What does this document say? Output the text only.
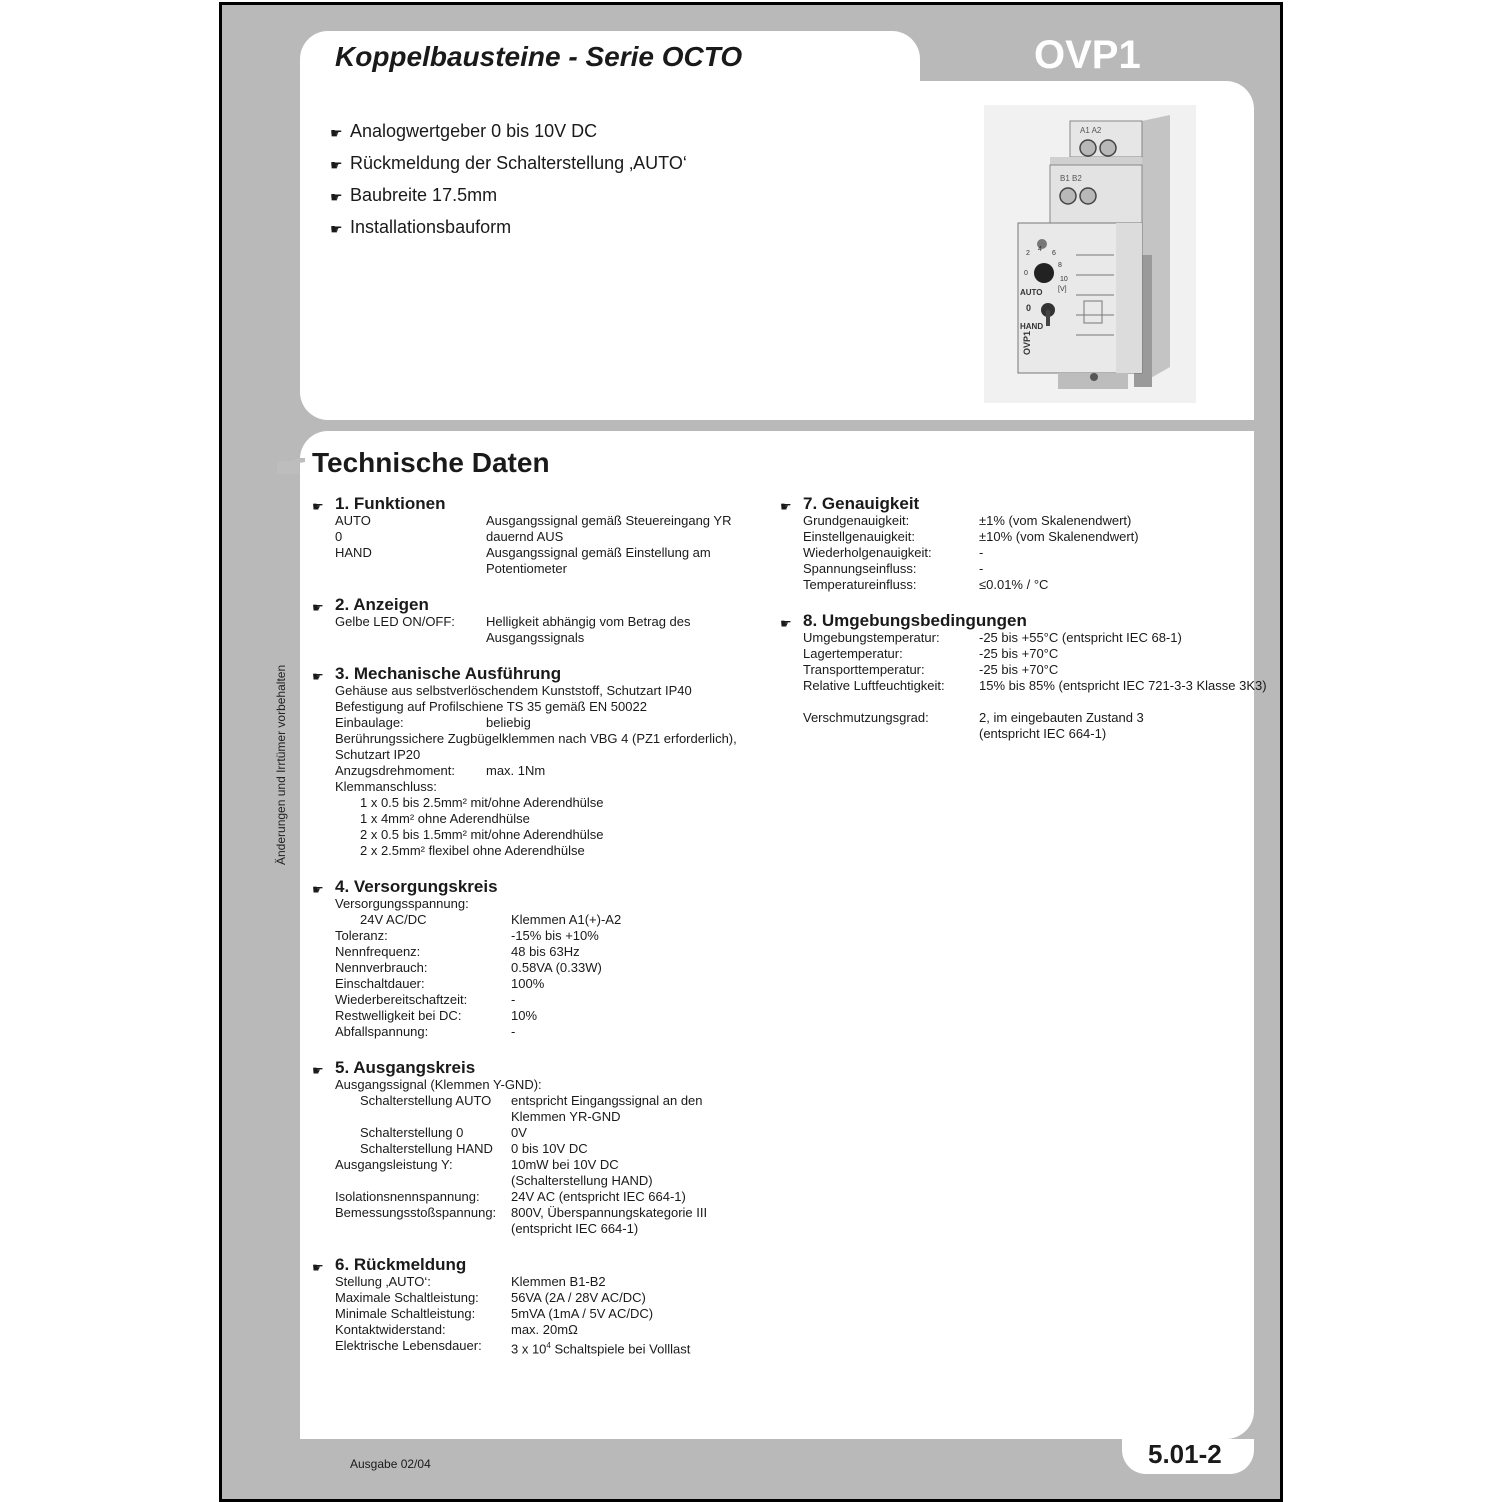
Koppelbausteine - Serie OCTO	OVP1
Änderungen und Irrtümer vorbehalten
☛ Analogwertgeber 0 bis 10V DC
☛ Rückmeldung der Schalterstellung ‚AUTO‘
☛ Baubreite 17.5mm
☛ Installationsbauform
A1 A2
B1 B2
2
4
6
8
10
0
[V]
AUTO
0
HAND
OVP1
Technische Daten
☛ 1. Funktionen
AUTO	Ausgangssignal gemäß Steuereingang YR
0	dauernd AUS
HAND	Ausgangssignal gemäß Einstellung am Potentiometer
☛ 2. Anzeigen
Gelbe LED ON/OFF:	Helligkeit abhängig vom Betrag des Ausgangssignals
☛ 3. Mechanische Ausführung
Gehäuse aus selbstverlöschendem Kunststoff, Schutzart IP40
Befestigung auf Profilschiene TS 35 gemäß EN 50022
Einbaulage:	beliebig
Berührungssichere Zugbügelklemmen nach VBG 4 (PZ1 erforderlich),
Schutzart IP20
Anzugsdrehmoment:	max. 1Nm
Klemmanschluss:
1 x 0.5 bis 2.5mm² mit/ohne Aderendhülse
1 x 4mm² ohne Aderendhülse
2 x 0.5 bis 1.5mm² mit/ohne Aderendhülse
2 x 2.5mm² flexibel ohne Aderendhülse
☛ 4. Versorgungskreis
Versorgungsspannung:
24V AC/DC	Klemmen A1(+)-A2
Toleranz:	-15% bis +10%
Nennfrequenz:	48 bis 63Hz
Nennverbrauch:	0.58VA (0.33W)
Einschaltdauer:	100%
Wiederbereitschaftzeit:	-
Restwelligkeit bei DC:	10%
Abfallspannung:	-
☛ 5. Ausgangskreis
Ausgangssignal (Klemmen Y-GND):
Schalterstellung AUTO	entspricht Eingangssignal an den Klemmen YR-GND
Schalterstellung 0	0V
Schalterstellung HAND	0 bis 10V DC
Ausgangsleistung Y:	10mW bei 10V DC (Schalterstellung HAND)
Isolationsnennspannung:	24V AC (entspricht IEC 664-1)
Bemessungsstoßspannung:	800V, Überspannungskategorie III (entspricht IEC 664-1)
☛ 6. Rückmeldung
Stellung ‚AUTO‘:	Klemmen B1-B2
Maximale Schaltleistung:	56VA (2A / 28V AC/DC)
Minimale Schaltleistung:	5mVA (1mA / 5V AC/DC)
Kontaktwiderstand:	max. 20mΩ
Elektrische Lebensdauer:	3 x $10^4$ Schaltspiele bei Volllast
☛ 7. Genauigkeit
Grundgenauigkeit:	±1% (vom Skalenendwert)
Einstellgenauigkeit:	±10% (vom Skalenendwert)
Wiederholgenauigkeit:	-
Spannungseinfluss:	-
Temperatureinfluss:	≤0.01% / °C
☛ 8. Umgebungsbedingungen
Umgebungstemperatur:	-25 bis +55°C (entspricht IEC 68-1)
Lagertemperatur:	-25 bis +70°C
Transporttemperatur:	-25 bis +70°C
Relative Luftfeuchtigkeit:	15% bis 85% (entspricht IEC 721-3-3 Klasse 3K3)
Verschmutzungsgrad:	2, im eingebauten Zustand 3 (entspricht IEC 664-1)
Ausgabe 02/04	5.01-2
